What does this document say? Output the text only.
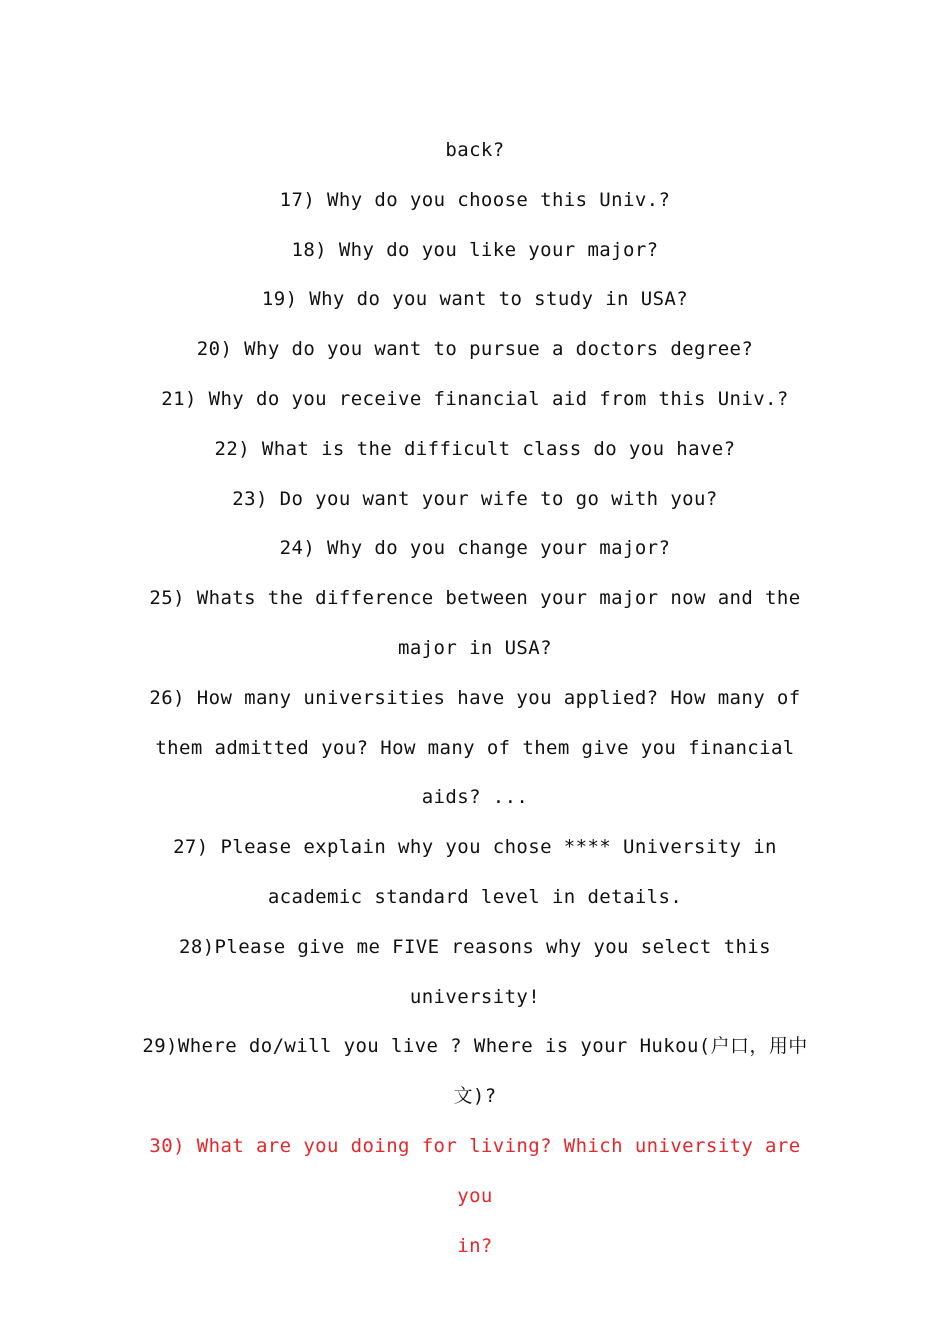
back?

17) Why do you choose this Univ.?

18) Why do you like your major?

19) Why do you want to study in USA?

20) Why do you want to pursue a doctors degree?

21) Why do you receive financial aid from this Univ.?

22) What is the difficult class do you have?

23) Do you want your wife to go with you?

24) Why do you change your major?

25) Whats the difference between your major now and the

major in USA?

26) How many universities have you applied? How many of

them admitted you? How many of them give you financial

aids? ...

27) Please explain why you chose **** University in

academic standard level in details.

28)Please give me FIVE reasons why you select this

university!

29)Where do/will you live ? Where is your Hukou(户口，用中

文)?

30) What are you doing for living? Which university are you

in?
